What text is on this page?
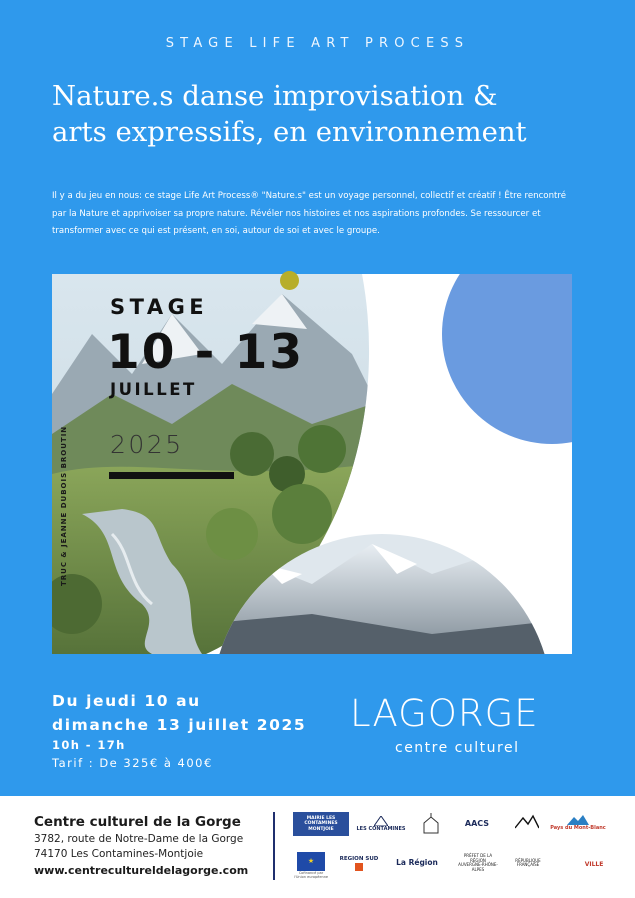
STAGE LIFE ART PROCESS
Nature.s danse improvisation &
arts expressifs, en environnement

Il y a du jeu en nous: ce stage Life Art Process® "Nature.s" est un voyage personnel, collectif et créatif ! Être rencontré par la Nature et apprivoiser sa propre nature. Révéler nos histoires et nos aspirations profondes. Se ressourcer et transformer avec ce qui est présent, en soi, autour de soi et avec le groupe.

STAGE
10 - 13
JUILLET
2025
TRUC & JEANNE DUBOIS BROUTIN
Du jeudi 10 au
dimanche 13 juillet 2025
10h - 17h
Tarif : De 325€ à 400€
LAGORGE
centre culturel
Centre culturel de la Gorge
3782, route de Notre-Dame de la Gorge
74170 Les Contamines-Montjoie
www.centrecultureldelagorge.com
MAIRIE LES CONTAMINES MONTJOIE	LES CONTAMINES
AACS	Pays du Mont-Blanc
★
Cofinancé par l'Union européenne
REGION SUD La Région
PRÉFET DE LA RÉGION AUVERGNE-RHÔNE-ALPES
RÉPUBLIQUE FRANÇAISE	VILLE
